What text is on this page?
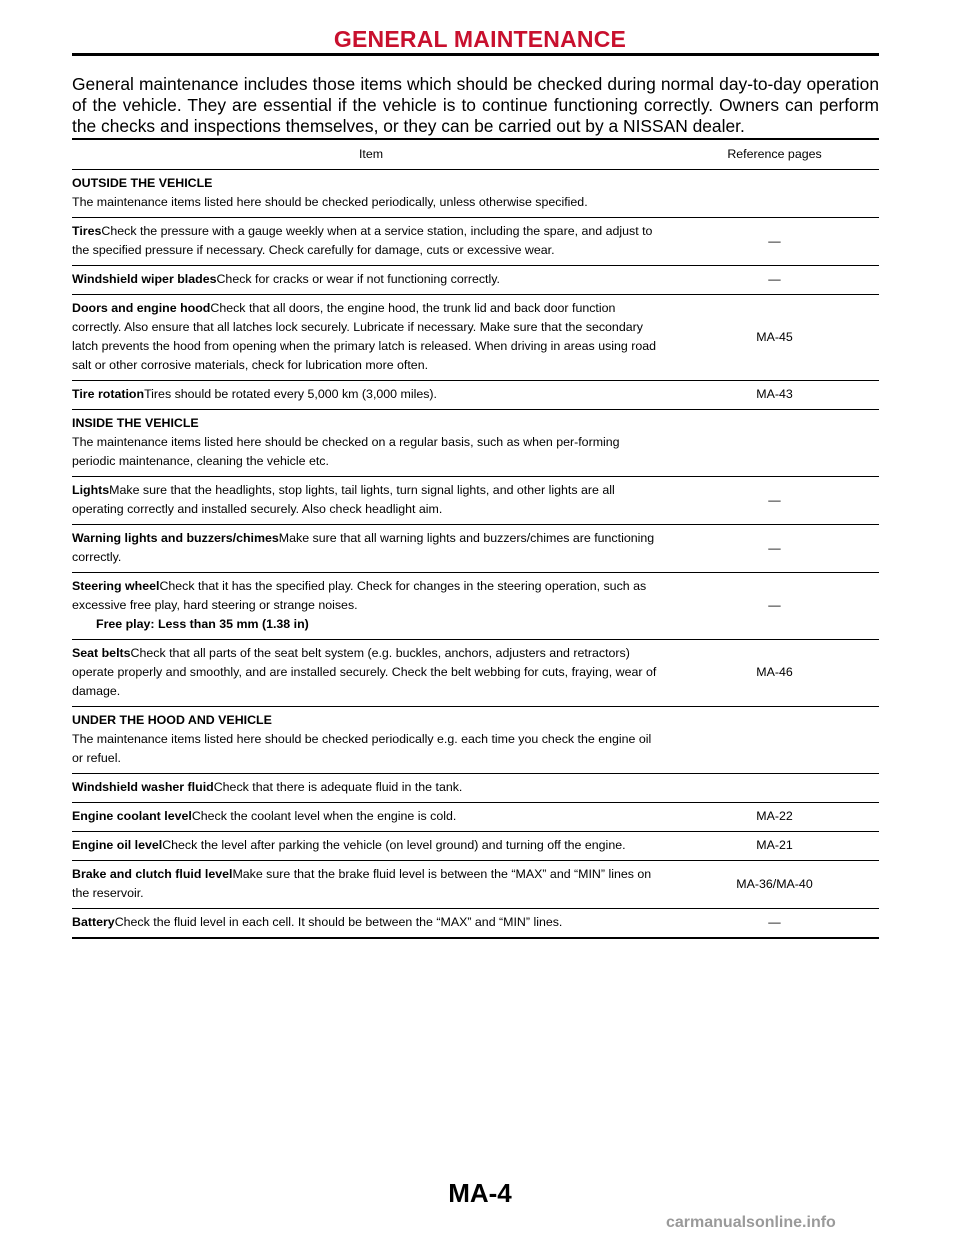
GENERAL MAINTENANCE
General maintenance includes those items which should be checked during normal day-to-day operation of the vehicle. They are essential if the vehicle is to continue functioning correctly. Owners can perform the checks and inspections themselves, or they can be carried out by a NISSAN dealer.
Item	Reference pages

OUTSIDE THE VEHICLE
The maintenance items listed here should be checked periodically, unless otherwise specified.	
TiresCheck the pressure with a gauge weekly when at a service station, including the spare, and adjust to the specified pressure if necessary. Check carefully for damage, cuts or excessive wear.	—
Windshield wiper bladesCheck for cracks or wear if not functioning correctly.	—
Doors and engine hoodCheck that all doors, the engine hood, the trunk lid and back door function correctly. Also ensure that all latches lock securely. Lubricate if necessary. Make sure that the secondary latch prevents the hood from opening when the primary latch is released. When driving in areas using road salt or other corrosive materials, check for lubrication more often.	MA-45
Tire rotationTires should be rotated every 5,000 km (3,000 miles).	MA-43

INSIDE THE VEHICLE
The maintenance items listed here should be checked on a regular basis, such as when per-forming periodic maintenance, cleaning the vehicle etc.	
LightsMake sure that the headlights, stop lights, tail lights, turn signal lights, and other lights are all operating correctly and installed securely. Also check headlight aim.	—
Warning lights and buzzers/chimesMake sure that all warning lights and buzzers/chimes are functioning correctly.	—
Steering wheelCheck that it has the specified play. Check for changes in the steering operation, such as excessive free play, hard steering or strange noises.
Free play: Less than 35 mm (1.38 in)	—
Seat beltsCheck that all parts of the seat belt system (e.g. buckles, anchors, adjusters and retractors) operate properly and smoothly, and are installed securely. Check the belt webbing for cuts, fraying, wear of damage.	MA-46

UNDER THE HOOD AND VEHICLE
The maintenance items listed here should be checked periodically e.g. each time you check the engine oil or refuel.	
Windshield washer fluidCheck that there is adequate fluid in the tank.	
Engine coolant levelCheck the coolant level when the engine is cold.	MA-22
Engine oil levelCheck the level after parking the vehicle (on level ground) and turning off the engine.	MA-21
Brake and clutch fluid levelMake sure that the brake fluid level is between the “MAX” and “MIN” lines on the reservoir.	MA-36/MA-40
BatteryCheck the fluid level in each cell. It should be between the “MAX” and “MIN” lines.	—
MA-4
carmanualsonline.info
